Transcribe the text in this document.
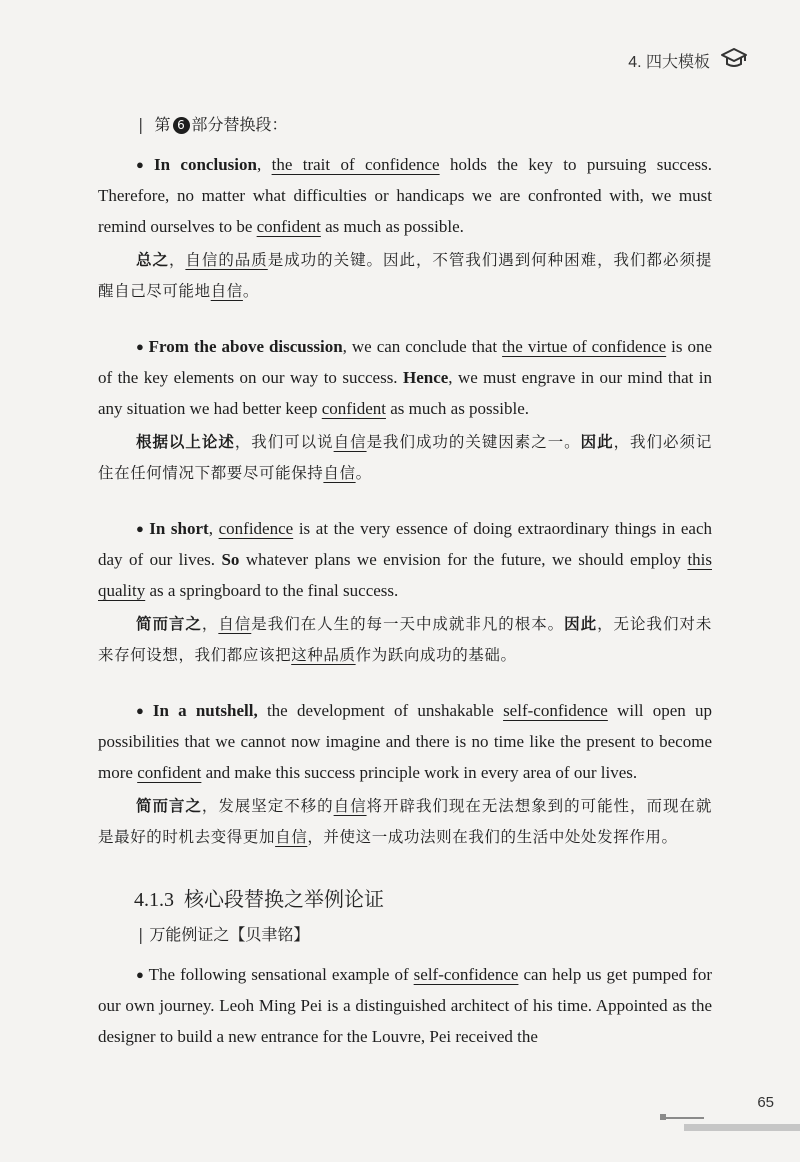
4. 四大模板
| 第 6 部分替换段：

● In conclusion, the trait of confidence holds the key to pursuing success. Therefore, no matter what difficulties or handicaps we are confronted with, we must remind ourselves to be confident as much as possible.

总之，自信的品质是成功的关键。因此，不管我们遇到何种困难，我们都必须提醒自己尽可能地自信。

● From the above discussion, we can conclude that the virtue of confidence is one of the key elements on our way to success. Hence, we must engrave in our mind that in any situation we had better keep confident as much as possible.

根据以上论述，我们可以说自信是我们成功的关键因素之一。因此，我们必须记住在任何情况下都要尽可能保持自信。

● In short, confidence is at the very essence of doing extraordinary things in each day of our lives. So whatever plans we envision for the future, we should employ this quality as a springboard to the final success.

简而言之，自信是我们在人生的每一天中成就非凡的根本。因此，无论我们对未来存何设想，我们都应该把这种品质作为跃向成功的基础。

● In a nutshell, the development of unshakable self-confidence will open up possibilities that we cannot now imagine and there is no time like the present to become more confident and make this success principle work in every area of our lives.

简而言之，发展坚定不移的自信将开辟我们现在无法想象到的可能性，而现在就是最好的时机去变得更加自信，并使这一成功法则在我们的生活中处处发挥作用。

4.1.3 核心段替换之举例论证
| 万能例证之【贝聿铭】

● The following sensational example of self-confidence can help us get pumped for our own journey. Leoh Ming Pei is a distinguished architect of his time. Appointed as the designer to build a new entrance for the Louvre, Pei received the

65
